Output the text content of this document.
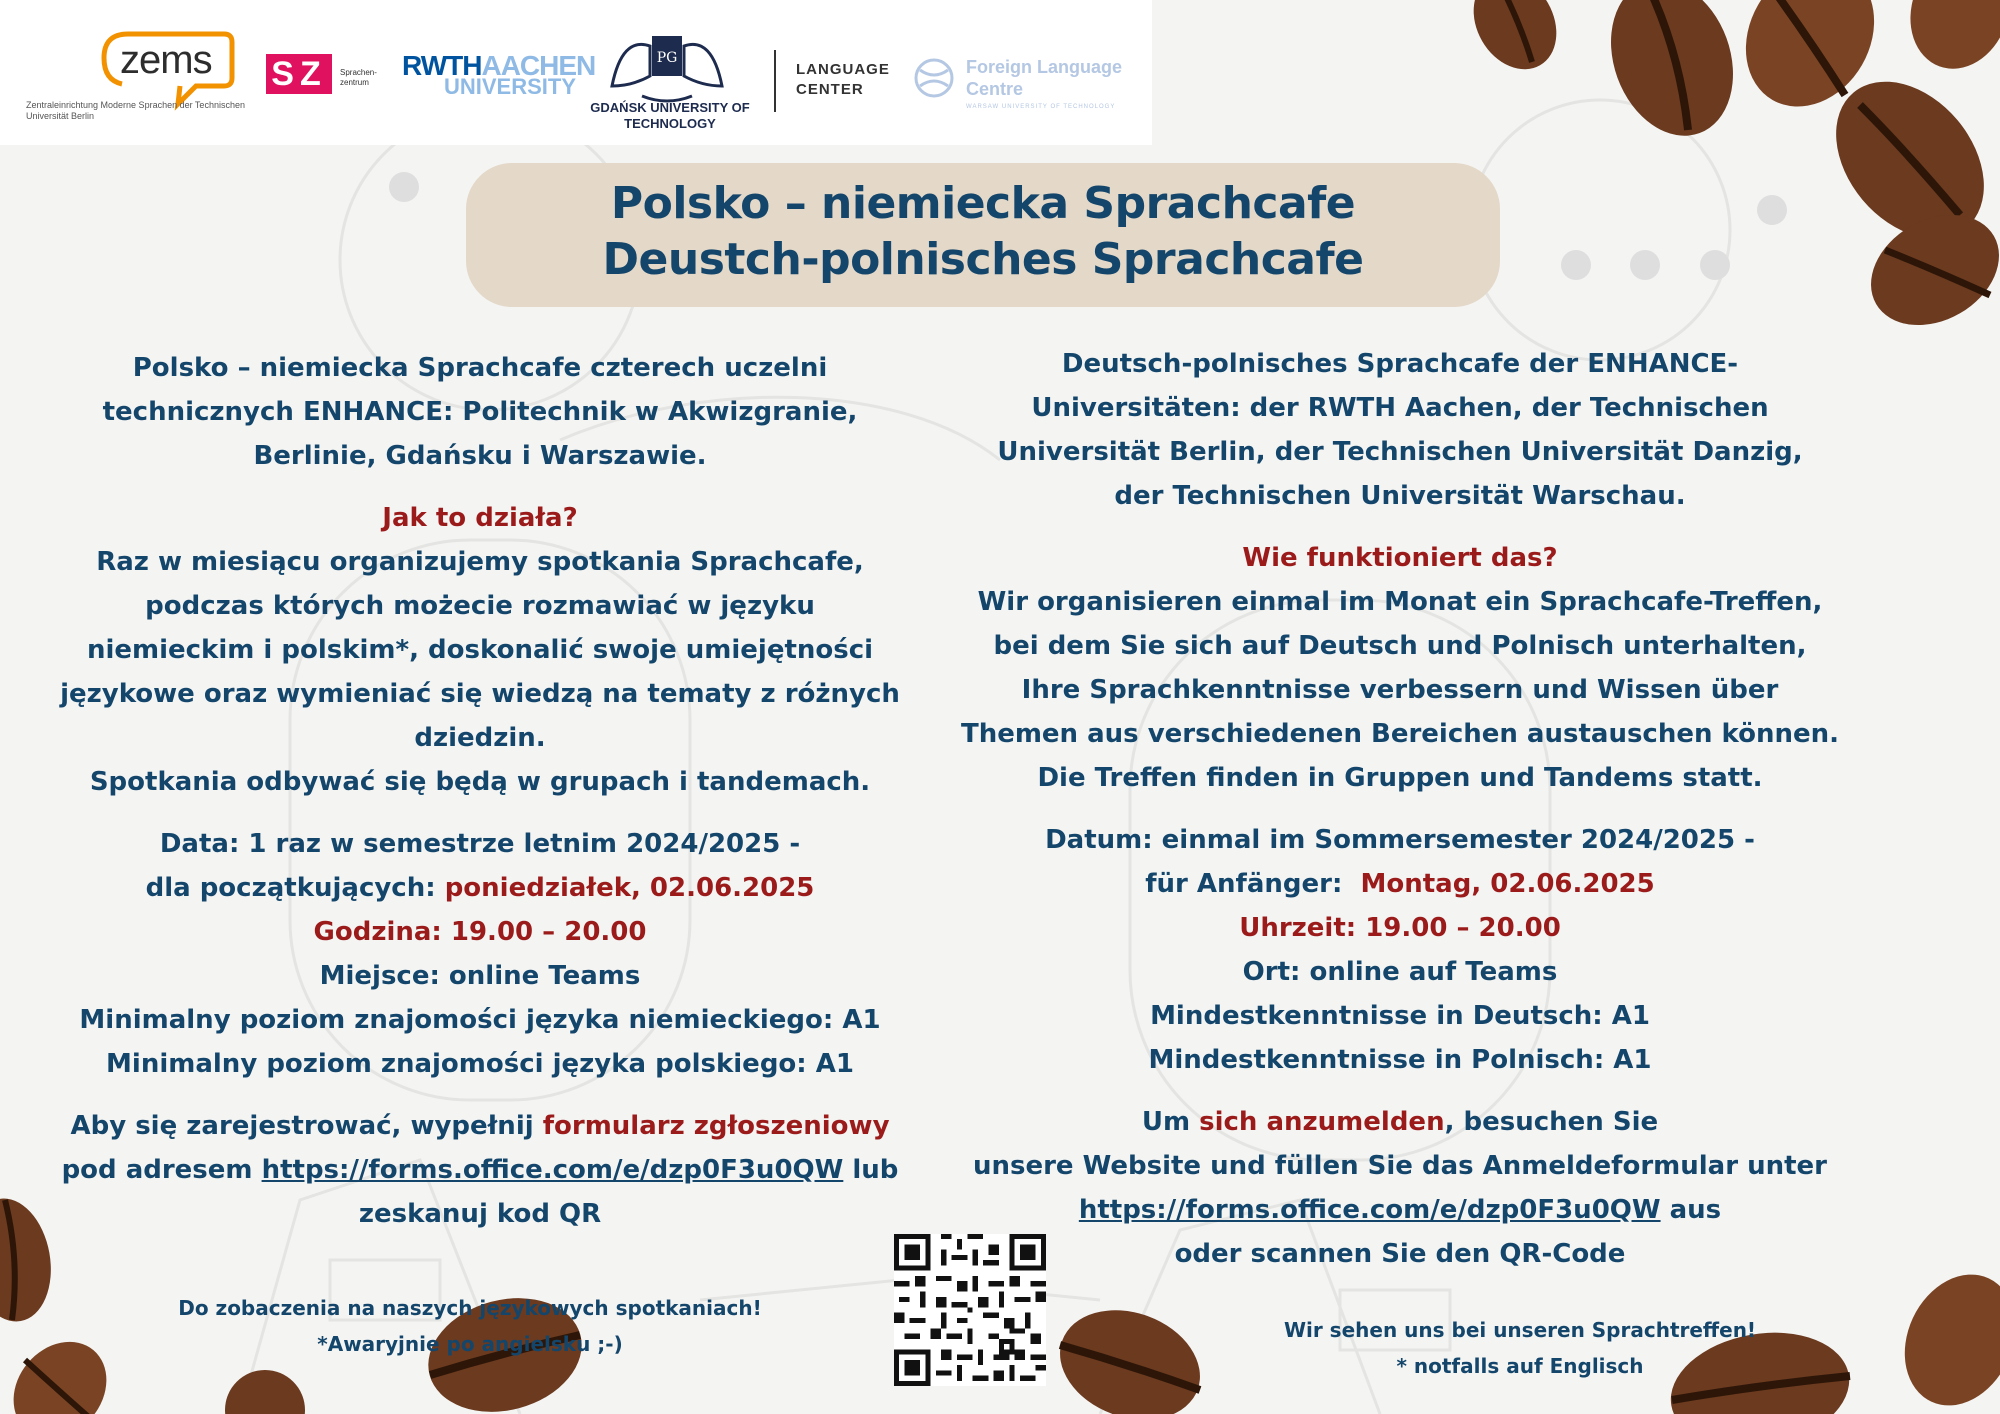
zems
Zentraleinrichtung Moderne Sprachen der Technischen Universität Berlin
SZ	Sprachen- zentrum
RWTHAACHEN
UNIVERSITY
PG
GDAŃSK UNIVERSITY OF TECHNOLOGY
LANGUAGE CENTER
Foreign Language
Centre
WARSAW UNIVERSITY OF TECHNOLOGY
Polsko – niemiecka Sprachcafe
Deustch-polnisches Sprachcafe

Polsko – niemiecka Sprachcafe czterech uczelni technicznych ENHANCE: Politechnik w Akwizgranie, Berlinie, Gdańsku i Warszawie.

Jak to działa?

Raz w miesiącu organizujemy spotkania Sprachcafe, podczas których możecie rozmawiać w języku niemieckim i polskim*, doskonalić swoje umiejętności językowe oraz wymieniać się wiedzą na tematy z różnych dziedzin.

Spotkania odbywać się będą w grupach i tandemach.

Data: 1 raz w semestrze letnim 2024/2025 -

dla początkujących: poniedziałek, 02.06.2025

Godzina: 19.00 – 20.00

Miejsce: online Teams

Minimalny poziom znajomości języka niemieckiego: A1

Minimalny poziom znajomości języka polskiego: A1

Aby się zarejestrować, wypełnij formularz zgłoszeniowy

pod adresem https://forms.office.com/e/dzp0F3u0QW lub

zeskanuj kod QR

Do zobaczenia na naszych językowych spotkaniach!

*Awaryjnie po angielsku ;-)

Deutsch-polnisches Sprachcafe der ENHANCE-Universitäten: der RWTH Aachen, der Technischen Universität Berlin, der Technischen Universität Danzig, der Technischen Universität Warschau.

Wie funktioniert das?

Wir organisieren einmal im Monat ein Sprachcafe-Treffen, bei dem Sie sich auf Deutsch und Polnisch unterhalten, Ihre Sprachkenntnisse verbessern und Wissen über Themen aus verschiedenen Bereichen austauschen können.

Die Treffen finden in Gruppen und Tandems statt.

Datum: einmal im Sommersemester 2024/2025 -

für Anfänger:  Montag, 02.06.2025

Uhrzeit: 19.00 – 20.00

Ort: online auf Teams

Mindestkenntnisse in Deutsch: A1

Mindestkenntnisse in Polnisch: A1

Um sich anzumelden, besuchen Sie

unsere Website und füllen Sie das Anmeldeformular unter

https://forms.office.com/e/dzp0F3u0QW aus

oder scannen Sie den QR-Code

Wir sehen uns bei unseren Sprachtreffen!

* notfalls auf Englisch
